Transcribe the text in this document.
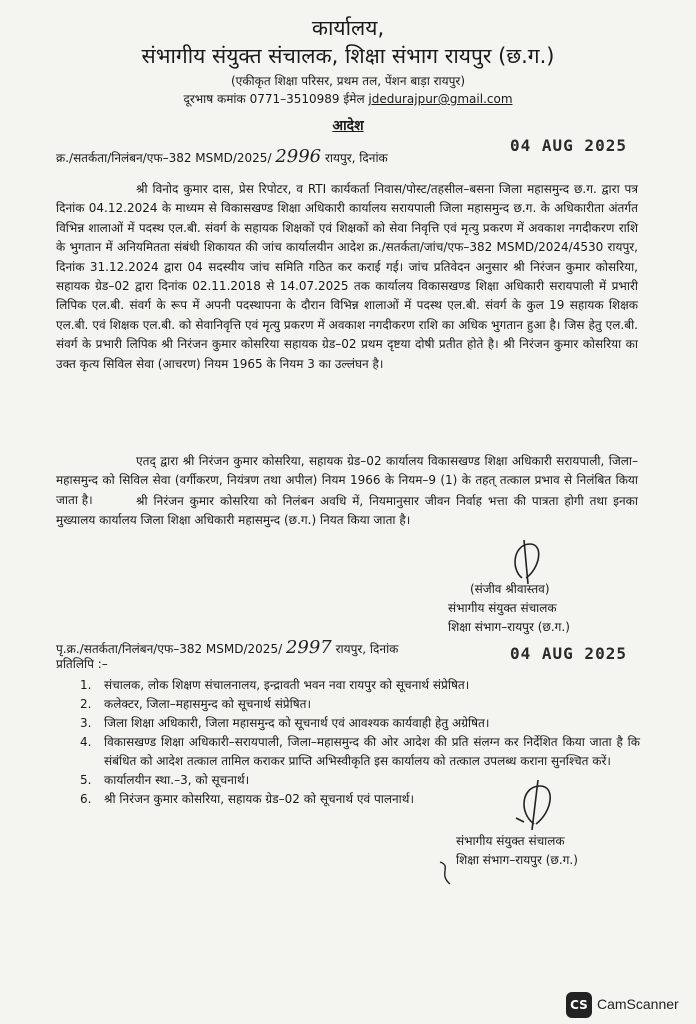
कार्यालय,
संभागीय संयुक्त संचालक, शिक्षा संभाग रायपुर (छ.ग.)
(एकीकृत शिक्षा परिसर, प्रथम तल, पेंशन बाड़ा रायपुर)
दूरभाष कमांक 0771–3510989 ईमेल jdedurajpur@gmail.com
आदेश
क्र./सतर्कता/निलंबन/एफ–382 MSMD/2025/ 2996 रायपुर, दिनांक
04 AUG 2025
श्री विनोद कुमार दास, प्रेस रिपोटर, व RTI कार्यकर्ता निवास/पोस्ट/तहसील–बसना जिला महासमुन्द छ.ग. द्वारा पत्र दिनांक 04.12.2024 के माध्यम से विकासखण्ड शिक्षा अधिकारी कार्यालय सरायपाली जिला महासमुन्द छ.ग. के अधिकारीता अंतर्गत विभिन्न शालाओं में पदस्थ एल.बी. संवर्ग के सहायक शिक्षकों एवं शिक्षकों को सेवा निवृत्ति एवं मृत्यु प्रकरण में अवकाश नगदीकरण राशि के भुगतान में अनियमितता संबंधी शिकायत की जांच कार्यालयीन आदेश क्र./सतर्कता/जांच/एफ–382 MSMD/2024/4530 रायपुर, दिनांक 31.12.2024 द्वारा 04 सदस्यीय जांच समिति गठित कर कराई गई। जांच प्रतिवेदन अनुसार श्री निरंजन कुमार कोसरिया, सहायक ग्रेड–02 द्वारा दिनांक 02.11.2018 से 14.07.2025 तक कार्यालय विकासखण्ड शिक्षा अधिकारी सरायपाली में प्रभारी लिपिक एल.बी. संवर्ग के रूप में अपनी पदस्थापना के दौरान विभिन्न शालाओं में पदस्थ एल.बी. संवर्ग के कुल 19 सहायक शिक्षक एल.बी. एवं शिक्षक एल.बी. को सेवानिवृत्ति एवं मृत्यु प्रकरण में अवकाश नगदीकरण राशि का अधिक भुगतान हुआ है। जिस हेतु एल.बी. संवर्ग के प्रभारी लिपिक श्री निरंजन कुमार कोसरिया सहायक ग्रेड–02 प्रथम दृष्टया दोषी प्रतीत होते है। श्री निरंजन कुमार कोसरिया का उक्त कृत्य सिविल सेवा (आचरण) नियम 1965 के नियम 3 का उल्लंघन है।
एतद् द्वारा श्री निरंजन कुमार कोसरिया, सहायक ग्रेड–02 कार्यालय विकासखण्ड शिक्षा अधिकारी सरायपाली, जिला–महासमुन्द को सिविल सेवा (वर्गीकरण, नियंत्रण तथा अपील) नियम 1966 के नियम–9 (1) के तहत् तत्काल प्रभाव से निलंबित किया जाता है।	श्री निरंजन कुमार कोसरिया को निलंबन अवधि में, नियमानुसार जीवन निर्वाह भत्ता की पात्रता होगी तथा इनका मुख्यालय कार्यालय जिला शिक्षा अधिकारी महासमुन्द (छ.ग.) नियत किया जाता है।
(संजीव श्रीवास्तव)
संभागीय संयुक्त संचालक
शिक्षा संभाग–रायपुर (छ.ग.)
पृ.क्र./सतर्कता/निलंबन/एफ–382 MSMD/2025/ 2997 रायपुर, दिनांक	04 AUG 2025
प्रतिलिपि :–
1. संचालक, लोक शिक्षण संचालनालय, इन्द्रावती भवन नवा रायपुर को सूचनार्थ संप्रेषित।
2. कलेक्टर, जिला–महासमुन्द को सूचनार्थ संप्रेषित।
3. जिला शिक्षा अधिकारी, जिला महासमुन्द को सूचनार्थ एवं आवश्यक कार्यवाही हेतु अग्रेषित।
4. विकासखण्ड शिक्षा अधिकारी–सरायपाली, जिला–महासमुन्द की ओर आदेश की प्रति संलग्न कर निर्देशित किया जाता है कि संबंधित को आदेश तत्काल तामिल कराकर प्राप्ति अभिस्वीकृति इस कार्यालय को तत्काल उपलब्ध कराना सुनश्चित करें।
5. कार्यालयीन स्था.–3, को सूचनार्थ।
6. श्री निरंजन कुमार कोसरिया, सहायक ग्रेड–02 को सूचनार्थ एवं पालनार्थ।
संभागीय संयुक्त संचालक
शिक्षा संभाग–रायपुर (छ.ग.)
CS CamScanner
